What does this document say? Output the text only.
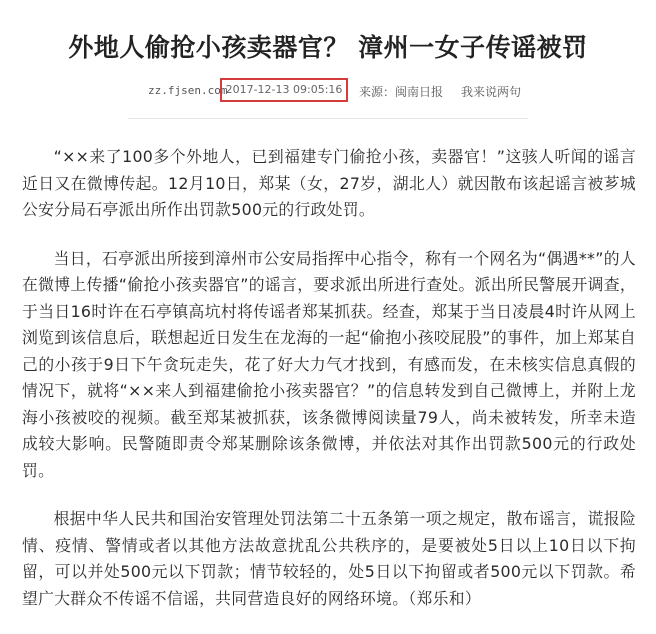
外地人偷抢小孩卖器官？ 漳州一女子传谣被罚
zz.fjsen.com
2017-12-13 09:05:16	来源：闽南日报 我来说两句

“××来了100多个外地人，已到福建专门偷抢小孩，卖器官！”这骇人听闻的谣言近日又在微博传起。12月10日，郑某（女，27岁，湖北人）就因散布该起谣言被芗城公安分局石亭派出所作出罚款500元的行政处罚。

当日，石亭派出所接到漳州市公安局指挥中心指令，称有一个网名为“偶遇**”的人在微博上传播“偷抢小孩卖器官”的谣言，要求派出所进行查处。派出所民警展开调查，于当日16时许在石亭镇高坑村将传谣者郑某抓获。经查，郑某于当日凌晨4时许从网上浏览到该信息后，联想起近日发生在龙海的一起“偷抱小孩咬屁股”的事件，加上郑某自己的小孩于9日下午贪玩走失，花了好大力气才找到，有感而发，在未核实信息真假的情况下，就将“××来人到福建偷抢小孩卖器官？”的信息转发到自己微博上，并附上龙海小孩被咬的视频。截至郑某被抓获，该条微博阅读量79人，尚未被转发，所幸未造成较大影响。民警随即责令郑某删除该条微博，并依法对其作出罚款500元的行政处罚。

根据中华人民共和国治安管理处罚法第二十五条第一项之规定，散布谣言，谎报险情、疫情、警情或者以其他方法故意扰乱公共秩序的，是要被处5日以上10日以下拘留，可以并处500元以下罚款；情节较轻的，处5日以下拘留或者500元以下罚款。希望广大群众不传谣不信谣，共同营造良好的网络环境。（郑乐和）
